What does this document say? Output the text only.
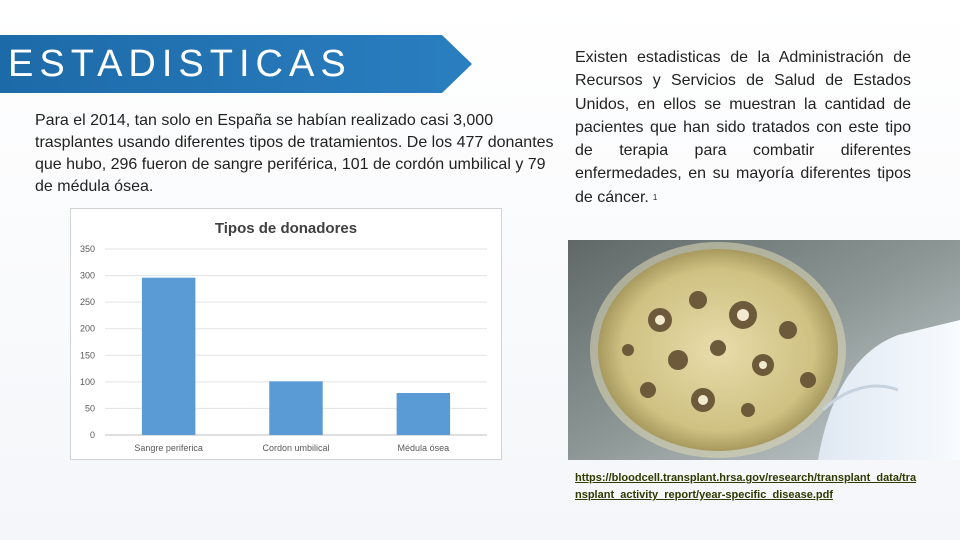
ESTADISTICAS
Para el 2014, tan solo en España se habían realizado casi 3,000 trasplantes usando diferentes tipos de tratamientos. De los 477 donantes que hubo, 296 fueron de sangre periférica, 101 de cordón umbilical y 79 de médula ósea.
Tipos de donadores
0
50
100
150
200
250
300
350
Sangre periferica	Cordon umbilical	Médula ósea
Existen estadisticas de la Administración de Recursos y Servicios de Salud de Estados Unidos, en ellos se muestran la cantidad de pacientes que han sido tratados con este tipo de terapia para combatir diferentes enfermedades, en su mayoría diferentes tipos de cáncer. 1
https://bloodcell.transplant.hrsa.gov/research/transplant_data/transplant_activity_report/year-specific_disease.pdf
